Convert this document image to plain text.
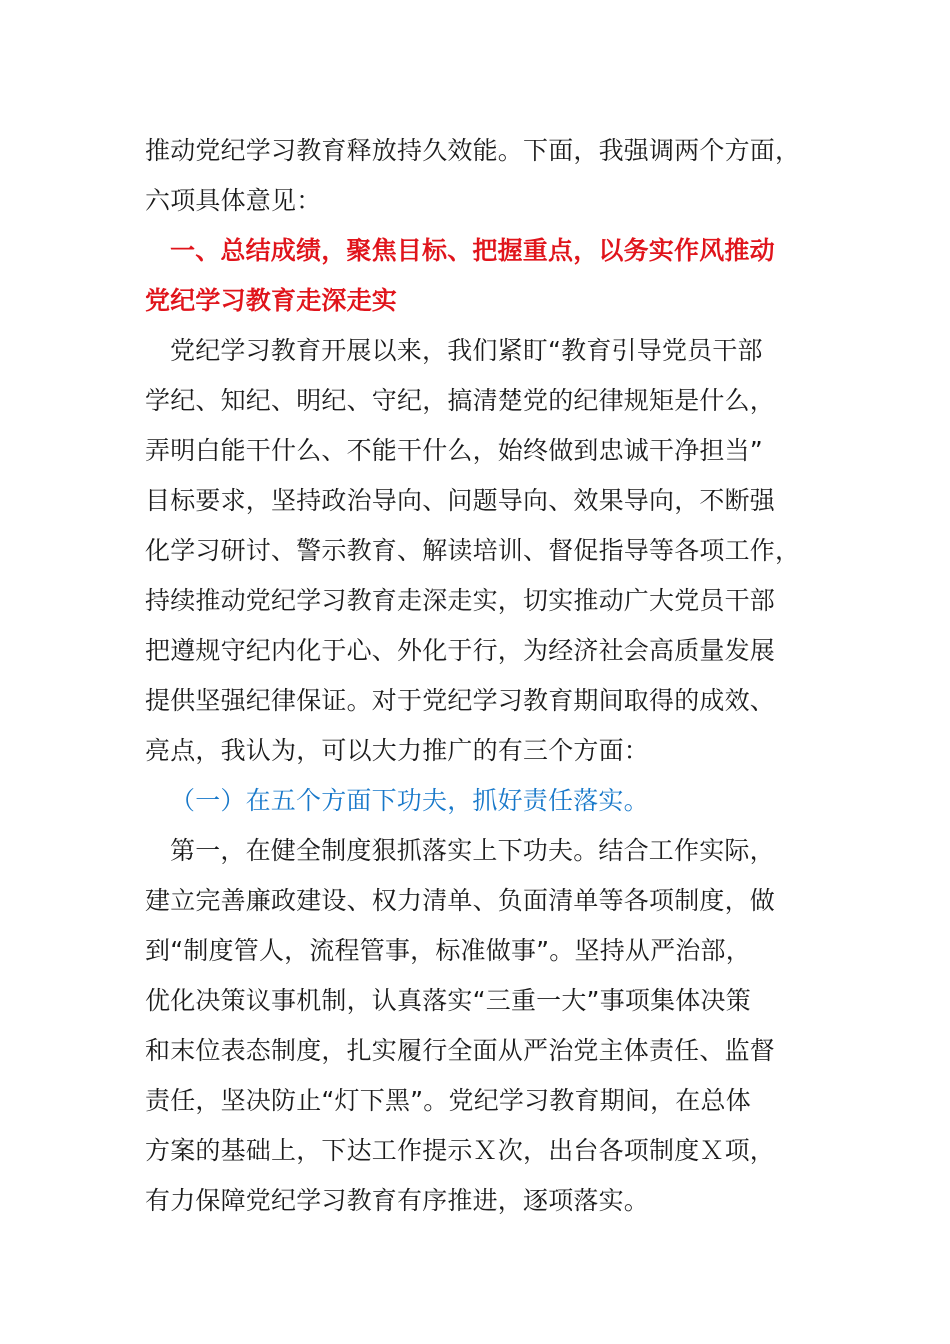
推动党纪学习教育释放持久效能。下面，我强调两个方面，
六项具体意见：
一、总结成绩，聚焦目标、把握重点，以务实作风推动
党纪学习教育走深走实
党纪学习教育开展以来，我们紧盯“教育引导党员干部
学纪、知纪、明纪、守纪，搞清楚党的纪律规矩是什么，
弄明白能干什么、不能干什么，始终做到忠诚干净担当”
目标要求，坚持政治导向、问题导向、效果导向，不断强
化学习研讨、警示教育、解读培训、督促指导等各项工作，
持续推动党纪学习教育走深走实，切实推动广大党员干部
把遵规守纪内化于心、外化于行，为经济社会高质量发展
提供坚强纪律保证。对于党纪学习教育期间取得的成效、
亮点，我认为，可以大力推广的有三个方面：
（一）在五个方面下功夫，抓好责任落实。
第一，在健全制度狠抓落实上下功夫。结合工作实际，
建立完善廉政建设、权力清单、负面清单等各项制度，做
到“制度管人，流程管事，标准做事”。坚持从严治部，
优化决策议事机制，认真落实“三重一大”事项集体决策
和末位表态制度，扎实履行全面从严治党主体责任、监督
责任，坚决防止“灯下黑”。党纪学习教育期间，在总体
方案的基础上，下达工作提示Ｘ次，出台各项制度Ｘ项，
有力保障党纪学习教育有序推进，逐项落实。
